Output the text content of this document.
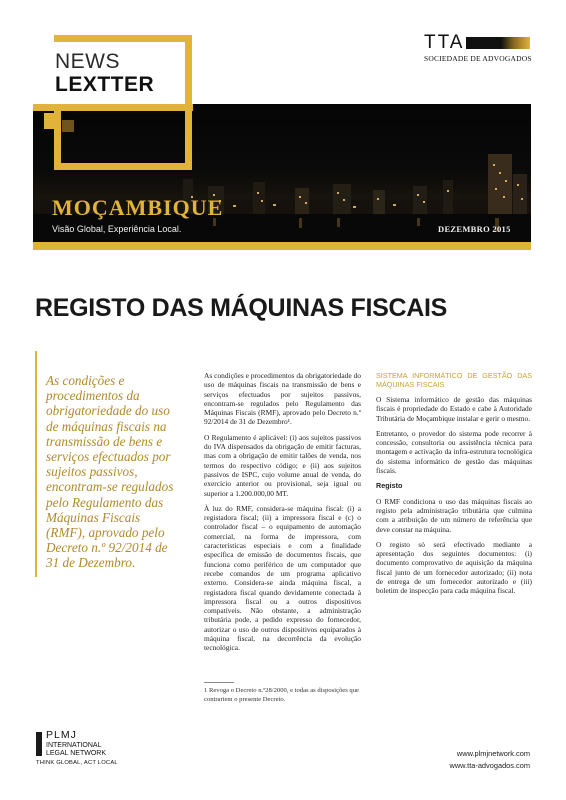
NEWS
LEXTTER
TTA
SOCIEDADE DE ADVOGADOS
MOÇAMBIQUE
Visão Global, Experiência Local.	DEZEMBRO 2015
REGISTO DAS MÁQUINAS FISCAIS
As condições e procedimentos da obrigatoriedade do uso de máquinas fiscais na transmissão de bens e serviços efectuados por sujeitos passivos, encontram-se regulados pelo Regulamento das Máquinas Fiscais (RMF), aprovado pelo Decreto n.º 92/2014 de 31 de Dezembro.

As condições e procedimentos da obrigatoriedade do uso de máquinas fiscais na transmissão de bens e serviços efectuados por sujeitos passivos, encontram-se regulados pelo Regulamento das Máquinas Fiscais (RMF), aprovado pelo Decreto n.º 92/2014 de 31 de Dezembro¹.

O Regulamento é aplicável: (i) aos sujeitos passivos do IVA dispensados da obrigação de emitir facturas, mas com a obrigação de emitir talões de venda, nos termos do respectivo código; e (ii) aos sujeitos passivos de ISPC, cujo volume anual de venda, do exercício anterior ou provisional, seja igual ou superior a 1.200.000,00 MT.

À luz do RMF, considera-se máquina fiscal: (i) a registadora fiscal; (ii) a impressora fiscal e (c) o controlador fiscal – o equipamento de automação comercial, na forma de impressora, com características especiais e com a finalidade específica de emissão de documentos fiscais, que funciona como periférico de um computador que recebe comandos de um programa aplicativo externo. Considera-se ainda máquina fiscal, a registadora fiscal quando devidamente conectada à impressora fiscal ou a outros dispositivos compatíveis. Não obstante, a administração tributária pode, a pedido expresso do fornecedor, autorizar o uso de outros dispositivos equiparados à máquina fiscal, na decorrência da evolução tecnológica.

1 Revoga o Decreto n.º28/2000, e todas as disposições que contrariem o presente Decreto.
SISTEMA INFORMÁTICO DE GESTÃO DAS MÁQUINAS FISCAIS

O Sistema informático de gestão das máquinas fiscais é propriedade do Estado e cabe à Autoridade Tributária de Moçambique instalar e gerir o mesmo.

Entretanto, o provedor do sistema pode recorrer à concessão, consultoria ou assistência técnica para montagem e activação da infra-estrutura tecnológica do sistema informático de gestão das máquinas fiscais.

Registo

O RMF condiciona o uso das máquinas fiscais ao registo pela administração tributária que culmina com a atribuição de um número de referência que deve constar na máquina.

O registo só será efectivado mediante a apresentação dos seguintes documentos: (i) documento comprovativo de aquisição da máquina fiscal junto de um fornecedor autorizado; (ii) nota de entrega de um fornecedor autorizado e (iii) boletim de inspecção para cada máquina fiscal.

PLMJ
INTERNATIONAL
LEGAL NETWORK
THINK GLOBAL, ACT LOCAL
www.plmjnetwork.com
www.tta-advogados.com
